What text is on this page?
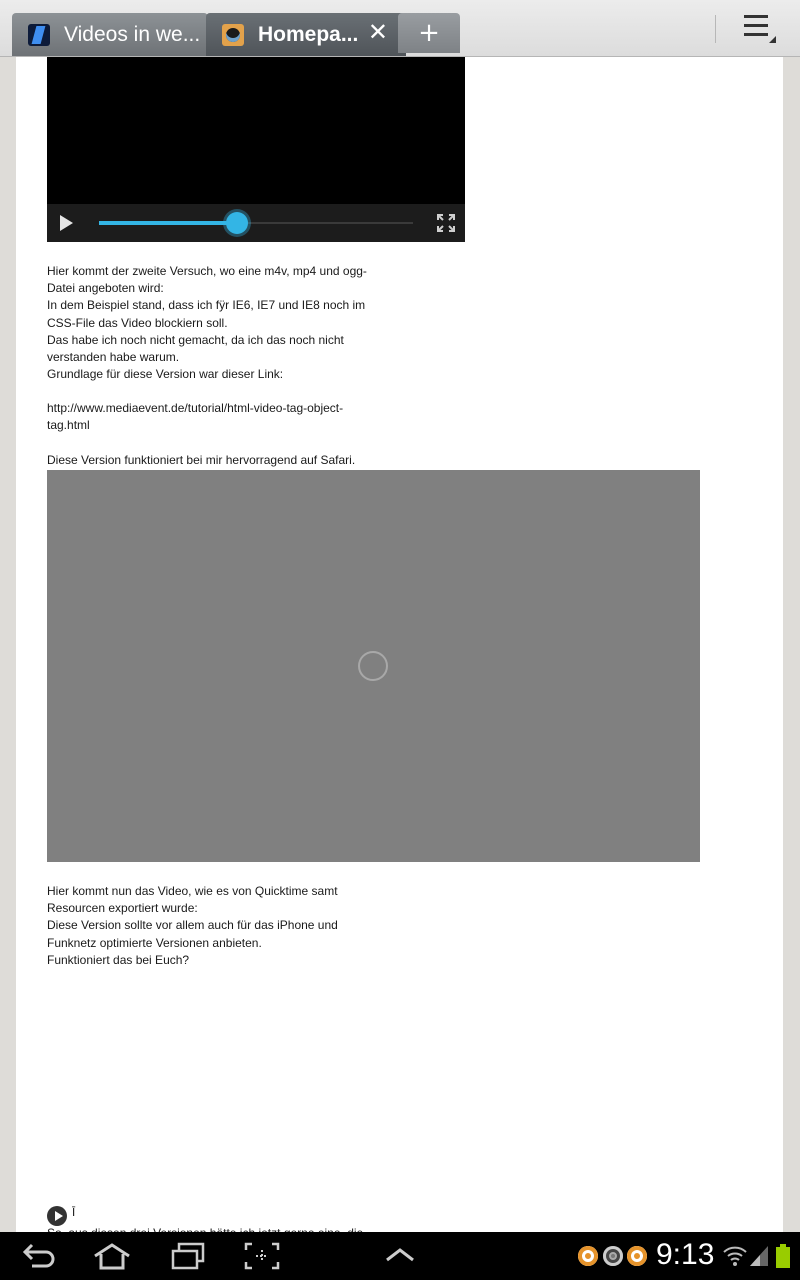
Videos in we...	Homepa... ✕	+

Hier kommt der zweite Versuch, wo eine m4v, mp4 und ogg-

Datei angeboten wird:

In dem Beispiel stand, dass ich fÿr IE6, IE7 und IE8 noch im

CSS-File das Video blockiern soll.

Das habe ich noch nicht gemacht, da ich das noch nicht

verstanden habe warum.

Grundlage für diese Version war dieser Link:

http://www.mediaevent.de/tutorial/html-video-tag-object-

tag.html

Diese Version funktioniert bei mir hervorragend auf Safari.

Hier kommt nun das Video, wie es von Quicktime samt

Resourcen exportiert wurde:

Diese Version sollte vor allem auch für das iPhone und

Funknetz optimierte Versionen anbieten.

Funktioniert das bei Euch?

Ī
9:13
